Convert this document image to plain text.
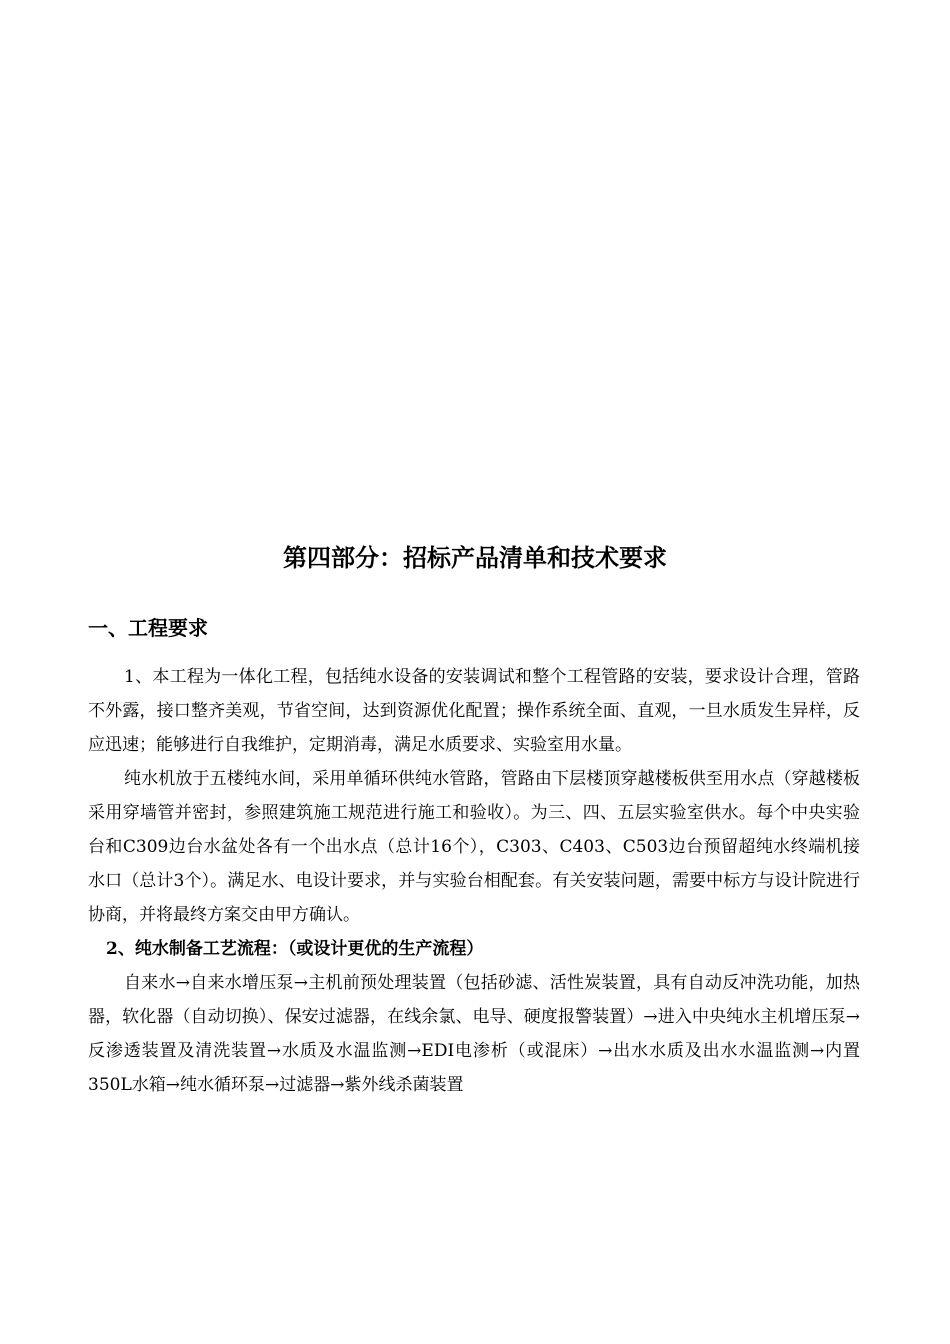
第四部分：招标产品清单和技术要求
一、工程要求

1、本工程为一体化工程，包括纯水设备的安装调试和整个工程管路的安装，要求设计合理，管路不外露，接口整齐美观，节省空间，达到资源优化配置；操作系统全面、直观，一旦水质发生异样，反应迅速；能够进行自我维护，定期消毒，满足水质要求、实验室用水量。

纯水机放于五楼纯水间，采用单循环供纯水管路，管路由下层楼顶穿越楼板供至用水点（穿越楼板采用穿墙管并密封，参照建筑施工规范进行施工和验收）。为三、四、五层实验室供水。每个中央实验台和C309边台水盆处各有一个出水点（总计16个），C303、C403、C503边台预留超纯水终端机接水口（总计3个）。满足水、电设计要求，并与实验台相配套。有关安装问题，需要中标方与设计院进行协商，并将最终方案交由甲方确认。

2、纯水制备工艺流程：（或设计更优的生产流程）

自来水→自来水增压泵→主机前预处理装置（包括砂滤、活性炭装置，具有自动反冲洗功能，加热器，软化器（自动切换）、保安过滤器，在线余氯、电导、硬度报警装置）→进入中央纯水主机增压泵→反渗透装置及清洗装置→水质及水温监测→EDI电渗析（或混床）→出水水质及出水水温监测→内置350L水箱→纯水循环泵→过滤器→紫外线杀菌装置
